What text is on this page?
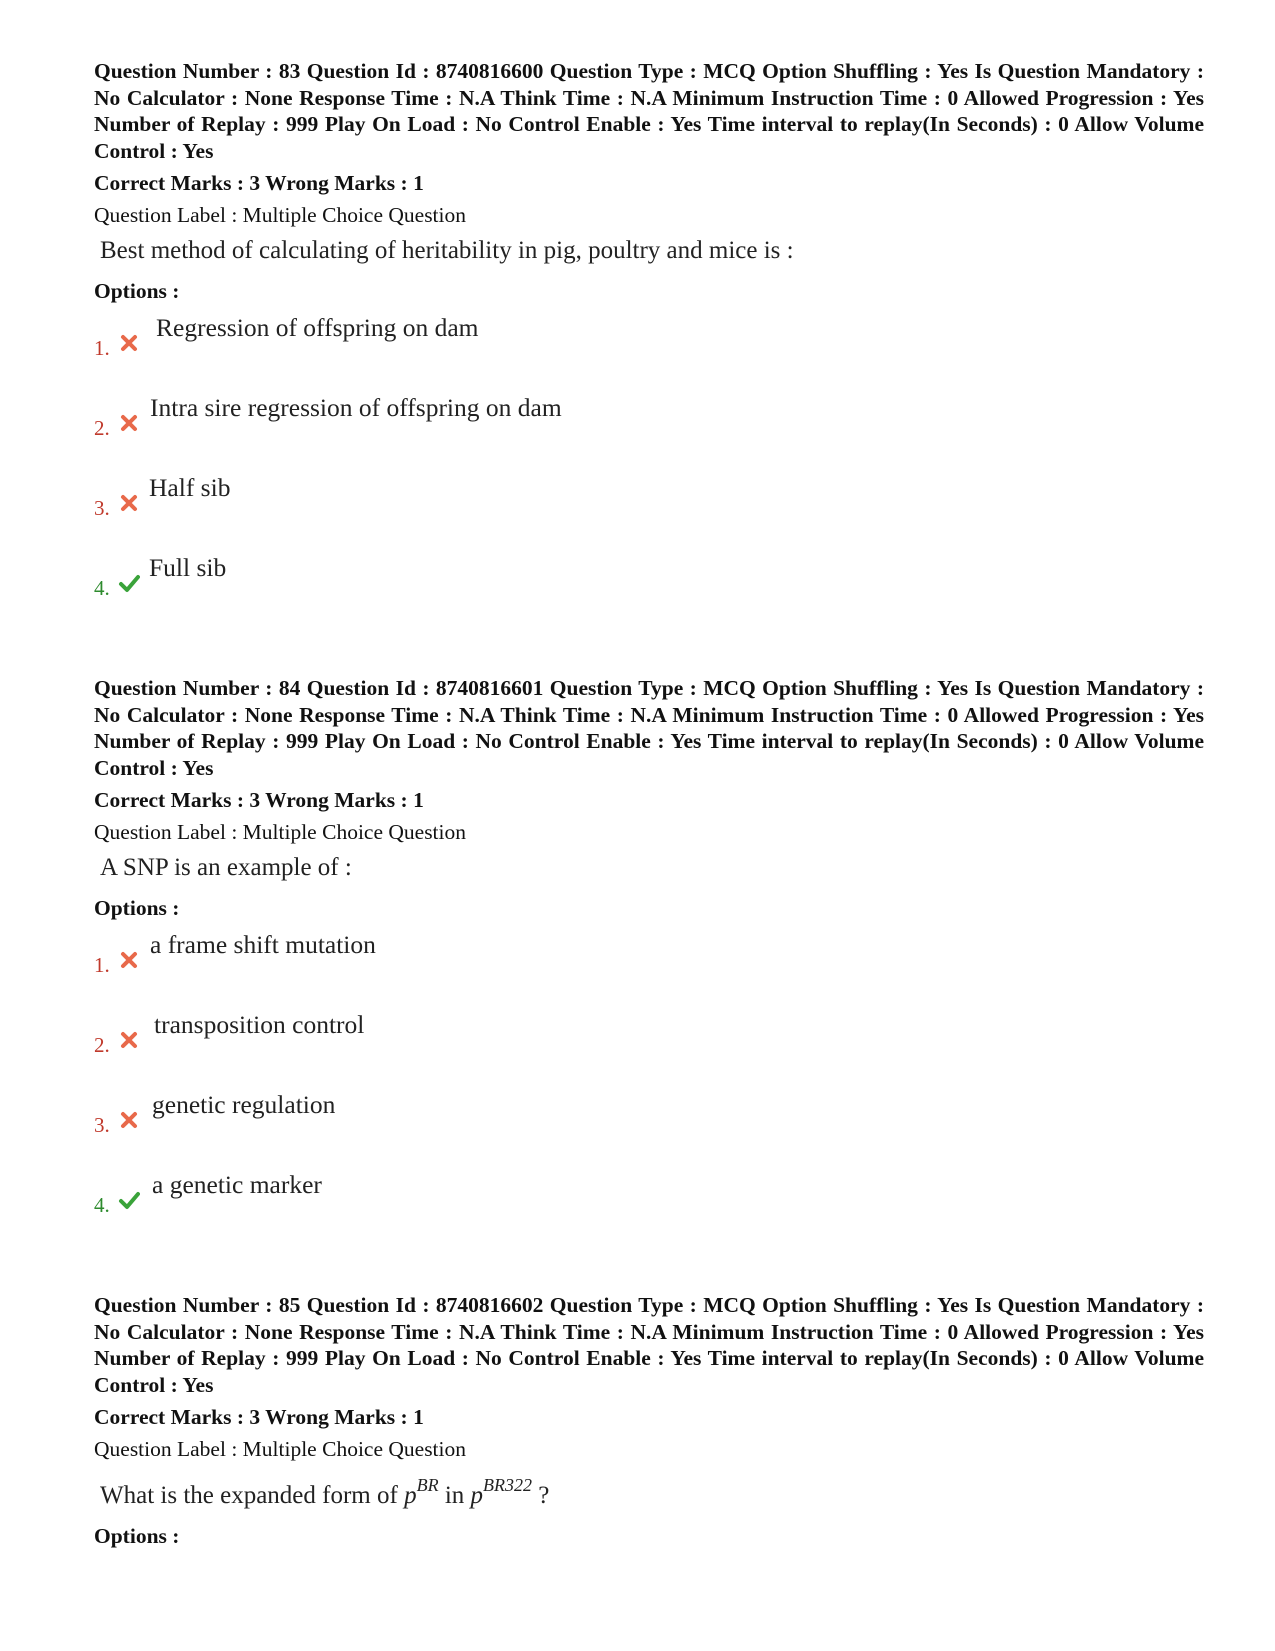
Question Number : 83 Question Id : 8740816600 Question Type : MCQ Option Shuffling : Yes Is Question Mandatory : No Calculator : None Response Time : N.A Think Time : N.A Minimum Instruction Time : 0 Allowed Progression : Yes Number of Replay : 999 Play On Load : No Control Enable : Yes Time interval to replay(In Seconds) : 0 Allow Volume Control : Yes

Correct Marks : 3 Wrong Marks : 1
Question Label : Multiple Choice Question
Best method of calculating of heritability in pig, poultry and mice is :
Options :
1.
Regression of offspring on dam
2.
Intra sire regression of offspring on dam
3.
Half sib
4.
Full sib

Question Number : 84 Question Id : 8740816601 Question Type : MCQ Option Shuffling : Yes Is Question Mandatory : No Calculator : None Response Time : N.A Think Time : N.A Minimum Instruction Time : 0 Allowed Progression : Yes Number of Replay : 999 Play On Load : No Control Enable : Yes Time interval to replay(In Seconds) : 0 Allow Volume Control : Yes

Correct Marks : 3 Wrong Marks : 1
Question Label : Multiple Choice Question
A SNP is an example of :
Options :
1.
a frame shift mutation
2.
transposition control
3.
genetic regulation
4.
a genetic marker

Question Number : 85 Question Id : 8740816602 Question Type : MCQ Option Shuffling : Yes Is Question Mandatory : No Calculator : None Response Time : N.A Think Time : N.A Minimum Instruction Time : 0 Allowed Progression : Yes Number of Replay : 999 Play On Load : No Control Enable : Yes Time interval to replay(In Seconds) : 0 Allow Volume Control : Yes

Correct Marks : 3 Wrong Marks : 1
Question Label : Multiple Choice Question
What is the expanded form of $p^{BR}$ in $p^{BR322}$ ?
Options :
